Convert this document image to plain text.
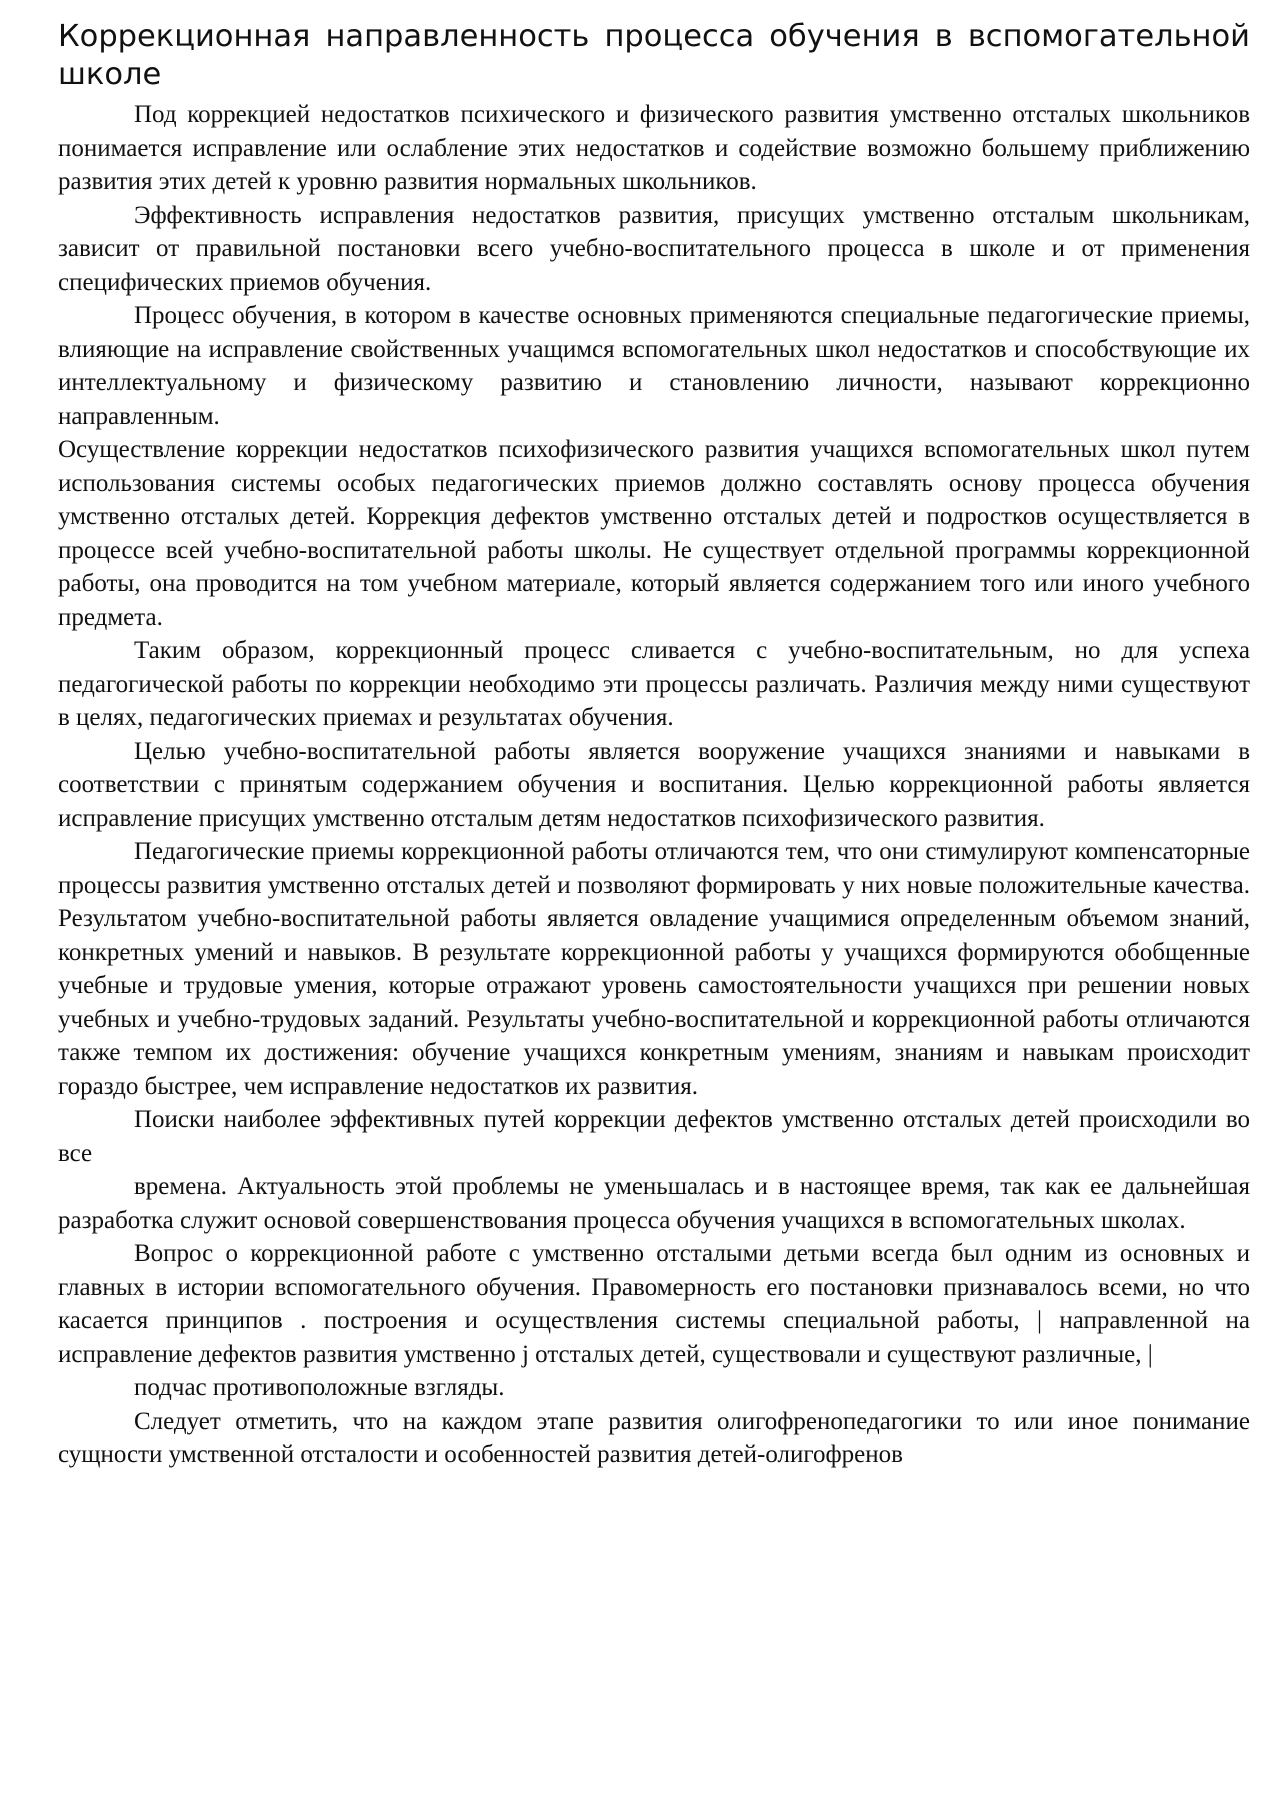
Коррекционная направленность процесса обучения в вспомогательной школе

Под коррекцией недостатков психического и физического развития умственно отсталых школьников понимается исправление или ослабление этих недостатков и содействие возможно большему приближению развития этих детей к уровню развития нормальных школьников.

Эффективность исправления недостатков развития, присущих умственно отсталым школьникам, зависит от правильной постановки всего учебно-воспитательного процесса в школе и от применения специфических приемов обучения.

Процесс обучения, в котором в качестве основных применяются специальные педагогические приемы, влияющие на исправление свойственных учащимся вспомогательных школ недостатков и способствующие их интеллектуальному и физическому развитию и становлению личности, называют коррекционно направленным.

Осуществление коррекции недостатков психофизического развития учащихся вспомогательных школ путем использования системы особых педагогических приемов должно составлять основу процесса обучения умственно отсталых детей. Коррекция дефектов умственно отсталых детей и подростков осуществляется в процессе всей учебно-воспитательной работы школы. Не существует отдельной программы коррекционной работы, она проводится на том учебном материале, который является содержанием того или иного учебного предмета.

Таким образом, коррекционный процесс сливается с учебно-воспитательным, но для успеха педагогической работы по коррекции необходимо эти процессы различать. Различия между ними существуют в целях, педагогических приемах и результатах обучения.

Целью учебно-воспитательной работы является вооружение учащихся знаниями и навыками в соответствии с принятым содержанием обучения и воспитания. Целью коррекционной работы является исправление присущих умственно отсталым детям недостатков психофизического развития.

Педагогические приемы коррекционной работы отличаются тем, что они стимулируют компенсаторные процессы развития умственно отсталых детей и позволяют формировать у них новые положительные качества. Результатом учебно-воспитательной работы является овладение учащимися определенным объемом знаний, конкретных умений и навыков. В результате коррекционной работы у учащихся формируются обобщенные учебные и трудовые умения, которые отражают уровень самостоятельности учащихся при решении новых учебных и учебно-трудовых заданий. Результаты учебно-воспитательной и коррекционной работы отличаются также темпом их достижения: обучение учащихся конкретным умениям, знаниям и навыкам происходит гораздо быстрее, чем исправление недостатков их развития.

Поиски наиболее эффективных путей коррекции дефектов умственно отсталых детей происходили во все

времена. Актуальность этой проблемы не уменьшалась и в настоящее время, так как ее дальнейшая разработка служит основой совершенствования процесса обучения учащихся в вспомогательных школах.

Вопрос о коррекционной работе с умственно отсталыми детьми всегда был одним из основных и главных в истории вспомогательного обучения. Правомерность его постановки признавалось всеми, но что касается принципов . построения и осуществления системы специальной работы, | направленной на исправление дефектов развития умственно j отсталых детей, существовали и существуют различные, |

подчас противоположные взгляды.

Следует отметить, что на каждом этапе развития олигофренопедагогики то или иное понимание сущности умственной отсталости и особенностей развития детей-олигофренов
